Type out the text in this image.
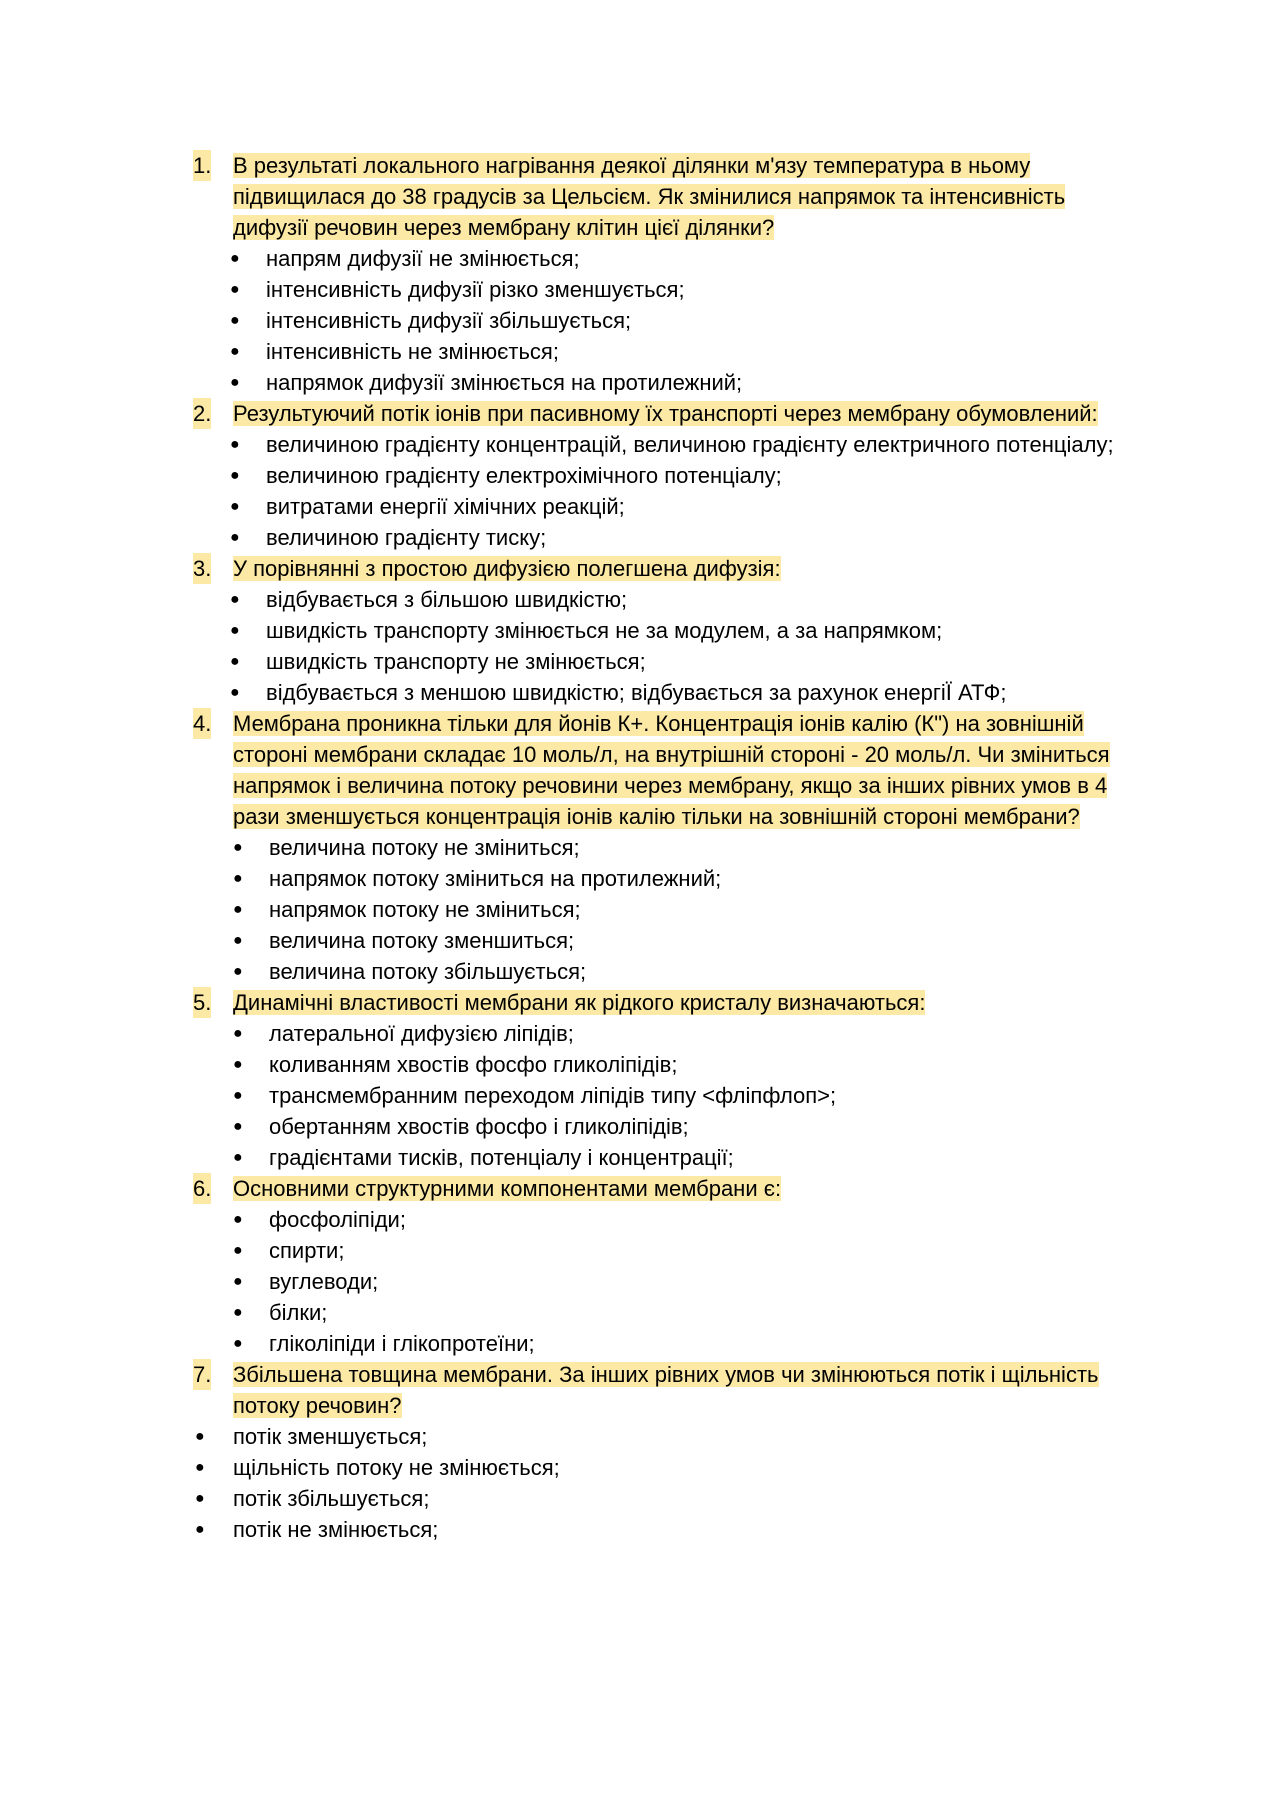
1. В результаті локального нагрівання деякої ділянки м'язу температура в ньому підвищилася до 38 градусів за Цельсієм. Як змінилися напрямок та інтенсивність дифузії речовин через мембрану клітин цієї ділянки?
● напрям дифузії не змінюється;
● інтенсивність дифузії різко зменшується;
● інтенсивність дифузії збільшується;
● інтенсивність не змінюється;
● напрямок дифузії змінюється на протилежний;
2. Результуючий потік іонів при пасивному їх транспорті через мембрану обумовлений:
● величиною градієнту концентрацій, величиною градієнту електричного потенціалу;
● величиною градієнту електрохімічного потенціалу;
● витратами енергії хімічних реакцій;
● величиною градієнту тиску;
3. У порівнянні з простою дифузією полегшена дифузія:
● відбувається з більшою швидкістю;
● швидкість транспорту змінюється не за модулем, а за напрямком;
● швидкість транспорту не змінюється;
● відбувається з меншою швидкістю; відбувається за рахунок енергіЇ АТФ;
4. Мембрана проникна тільки для йонів К+. Концентрація іонів калію (К") на зовнішній стороні мембрани складає 10 моль/л, на внутрішній стороні - 20 моль/л. Чи зміниться напрямок і величина потоку речовини через мембрану, якщо за інших рівних умов в 4 рази зменшується концентрація іонів калію тільки на зовнішній стороні мембрани?
● величина потоку не зміниться;
● напрямок потоку зміниться на протилежний;
● напрямок потоку не зміниться;
● величина потоку зменшиться;
● величина потоку збільшується;
5. Динамічні властивості мембрани як рідкого кристалу визначаються:
● латеральної дифузією ліпідів;
● коливанням хвостів фосфо гликоліпідів;
● трансмембранним переходом ліпідів типу <фліпфлоп>;
● обертанням хвостів фосфо і гликоліпідів;
● градієнтами тисків, потенціалу і концентрації;
6. Основними структурними компонентами мембрани є:
● фосфоліпіди;
● спирти;
● вуглеводи;
● білки;
● гліколіпіди і глікопротеїни;
7. Збільшена товщина мембрани. За інших рівних умов чи змінюються потік і щільність потоку речовин?
● потік зменшується;
● щільність потоку не змінюється;
● потік збільшується;
● потік не змінюється;
